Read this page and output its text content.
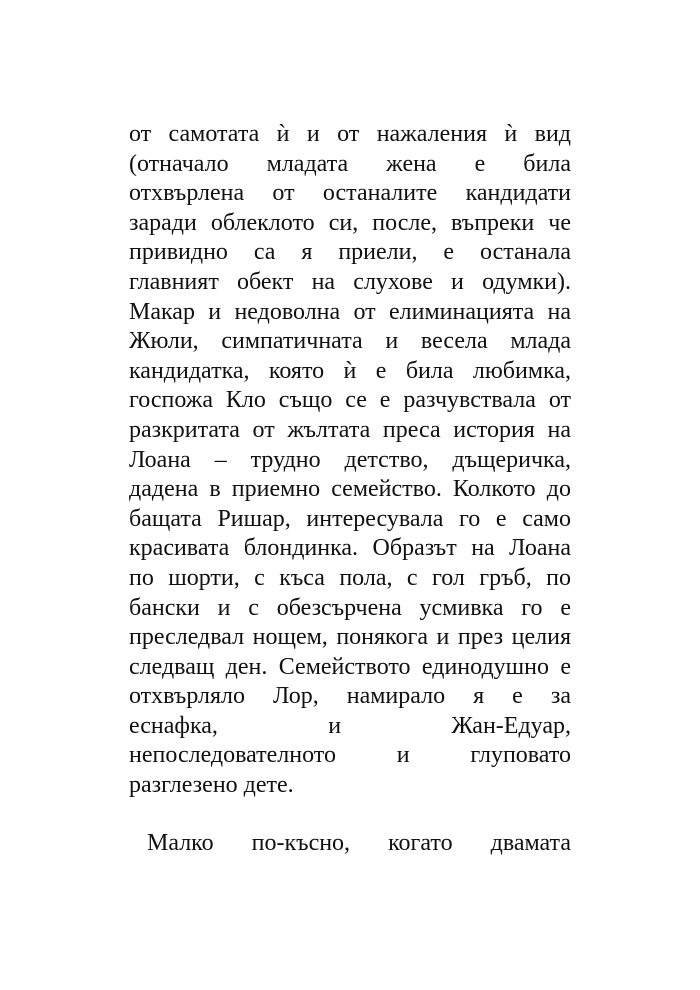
от самотата ѝ и от нажаления ѝ вид
(отначало младата жена е била
отхвърлена от останалите кандидати
заради облеклото си, после, въпреки че
привидно са я приели, е останала
главният обект на слухове и одумки).
Макар и недоволна от елиминацията на
Жюли, симпатичната и весела млада
кандидатка, която ѝ е била любимка,
госпожа Кло също се е разчувствала от
разкритата от жълтата преса история на
Лоана – трудно детство, дъщеричка,
дадена в приемно семейство. Колкото до
бащата Ришар, интересувала го е само
красивата блондинка. Образът на Лоана
по шорти, с къса пола, с гол гръб, по
бански и с обезсърчена усмивка го е
преследвал нощем, понякога и през целия
следващ ден. Семейството единодушно е
отхвърляло Лор, намирало я е за
еснафка, и Жан-Едуар,
непоследователното и глуповато
разглезено дете.
Малко по-късно, когато двамата
